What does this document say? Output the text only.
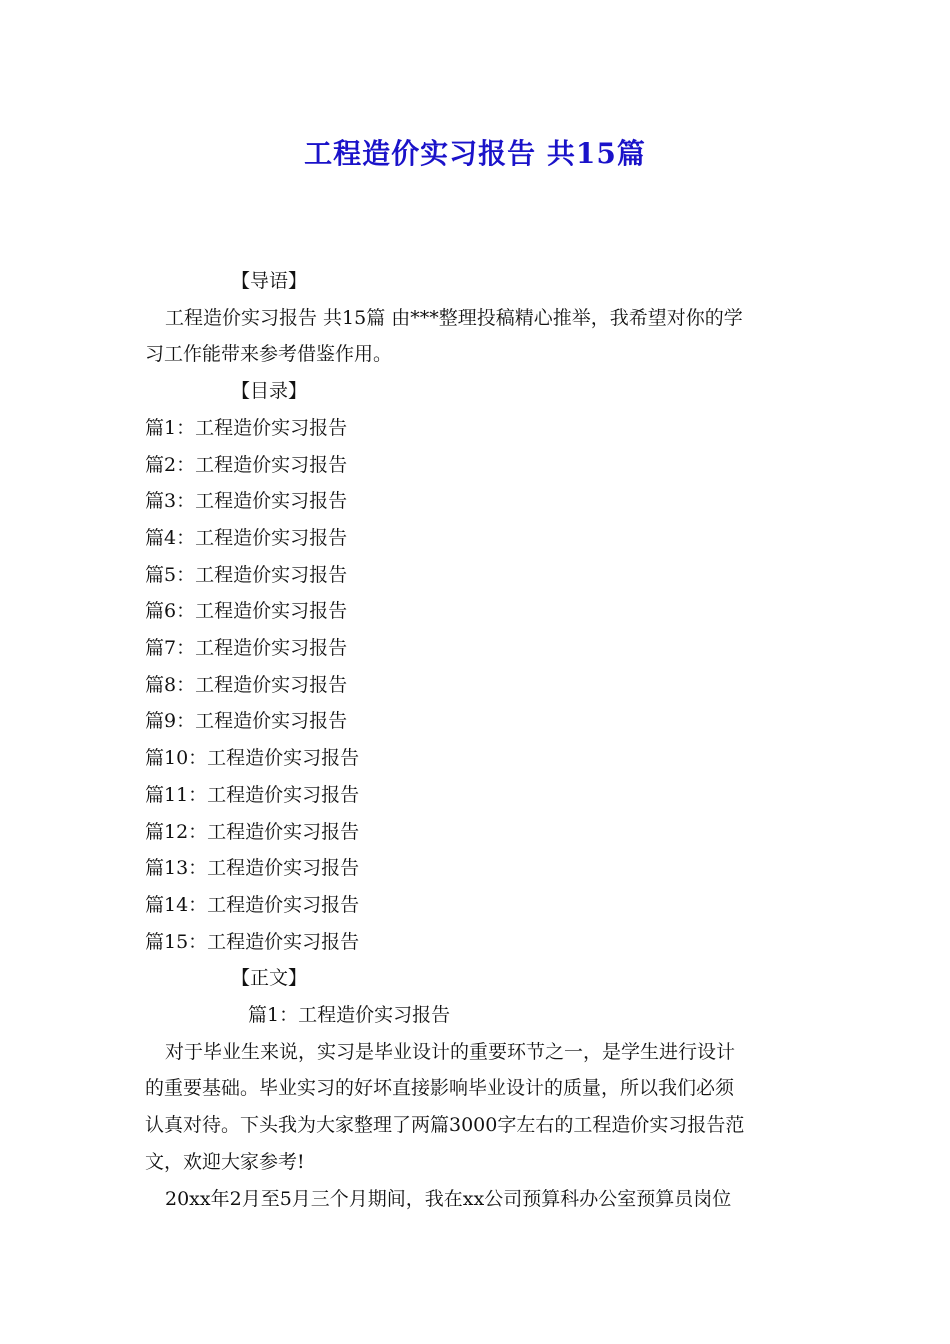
工程造价实习报告 共15篇
【导语】
工程造价实习报告 共15篇 由***整理投稿精心推举，我希望对你的学
习工作能带来参考借鉴作用。
【目录】
篇1：工程造价实习报告
篇2：工程造价实习报告
篇3：工程造价实习报告
篇4：工程造价实习报告
篇5：工程造价实习报告
篇6：工程造价实习报告
篇7：工程造价实习报告
篇8：工程造价实习报告
篇9：工程造价实习报告
篇10：工程造价实习报告
篇11：工程造价实习报告
篇12：工程造价实习报告
篇13：工程造价实习报告
篇14：工程造价实习报告
篇15：工程造价实习报告
【正文】
篇1：工程造价实习报告
对于毕业生来说，实习是毕业设计的重要环节之一，是学生进行设计
的重要基础。毕业实习的好坏直接影响毕业设计的质量，所以我们必须
认真对待。下头我为大家整理了两篇3000字左右的工程造价实习报告范
文，欢迎大家参考!
20xx年2月至5月三个月期间，我在xx公司预算科办公室预算员岗位
